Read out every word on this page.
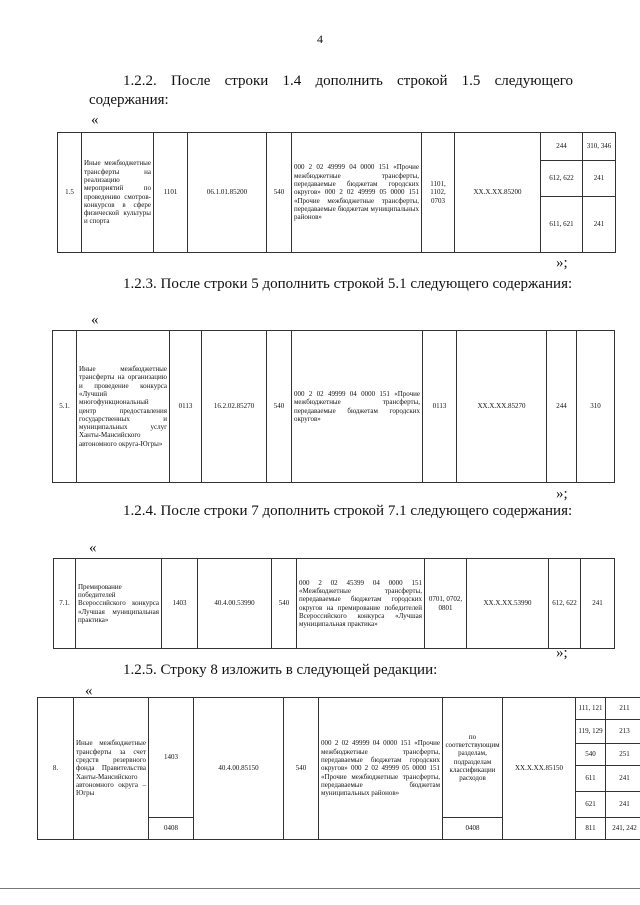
4
1.2.2. После строки 1.4 дополнить строкой 1.5 следующего содержания:
«
1.5	Иные межбюджетные трансферты на реализацию мероприятий по проведению смотров-конкурсов в сфере физической культуры и спорта	1101	06.1.01.85200	540	000 2 02 49999 04 0000 151 «Прочие межбюджетные трансферты, передаваемые бюджетам городских округов» 000 2 02 49999 05 0000 151 «Прочие межбюджетные трансферты, передаваемые бюджетам муниципальных районов»	1101, 1102, 0703	ХХ.Х.ХХ.85200	244	310, 346
								612, 622	241
								611, 621	241
»;
1.2.3. После строки 5 дополнить строкой 5.1 следующего содержания:
«
5.1.	Иные межбюджетные трансферты на организацию и проведение конкурса «Лучший многофункциональный центр предоставления государственных и муниципальных услуг Ханты-Мансийского автономного округа-Югры»	0113	16.2.02.85270	540	000 2 02 49999 04 0000 151 «Прочие межбюджетные трансферты, передаваемые бюджетам городских округов»	0113	ХХ.Х.ХХ.85270	244	310
»;
1.2.4. После строки 7 дополнить строкой 7.1 следующего содержания:
«
7.1.	Премирование победителей Всероссийского конкурса «Лучшая муниципальная практика»	1403	40.4.00.53990	540	000 2 02 45399 04 0000 151 «Межбюджетные трансферты, передаваемые бюджетам городских округов на премирование победителей Всероссийского конкурса «Лучшая муниципальная практика»	0701, 0702, 0801	ХХ.Х.ХХ.53990	612, 622	241
»;
1.2.5. Строку 8 изложить в следующей редакции:
«
8.	Иные межбюджетные трансферты за счет средств резервного фонда Правительства Ханты-Мансийского автономного округа – Югры	1403	40.4.00.85150	540	000 2 02 49999 04 0000 151 «Прочие межбюджетные трансферты, передаваемые бюджетам городских округов» 000 2 02 49999 05 0000 151 «Прочие межбюджетные трансферты, передаваемые бюджетам муниципальных районов»	по соответствующим разделам, подразделам классификации расходов	ХХ.Х.ХХ.85150	111, 121	211
								119, 129	213
								540	251
								611	241
								621	241
		0408				0408		811	241, 242
